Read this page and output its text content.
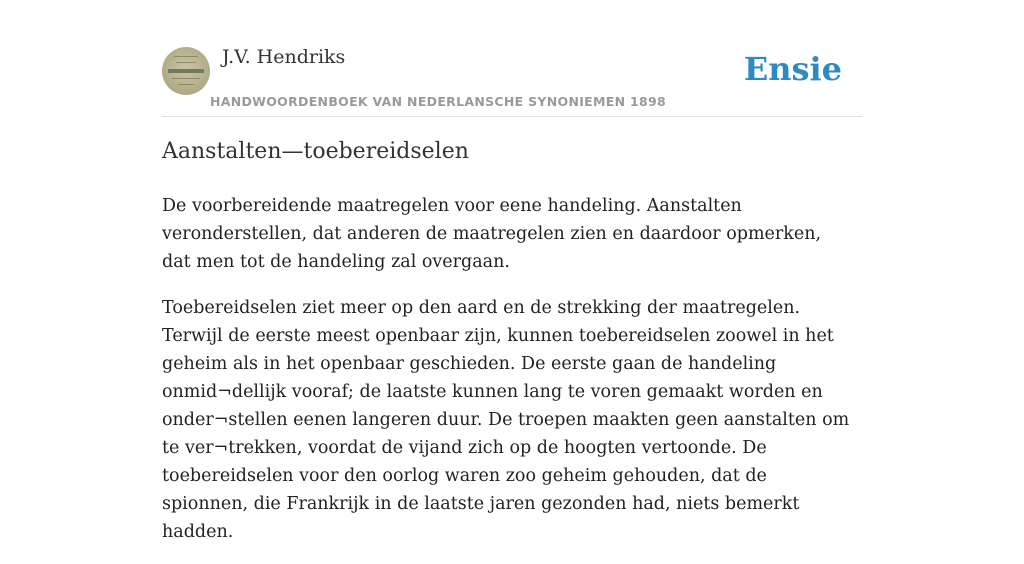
J.V. Hendriks
HANDWOORDENBOEK VAN NEDERLANSCHE SYNONIEMEN 1898
Ensie
Aanstalten—toebereidselen

De voorbereidende maatregelen voor eene handeling. Aanstalten veronderstellen, dat anderen de maatregelen zien en daardoor opmerken, dat men tot de handeling zal overgaan.

Toebereidselen ziet meer op den aard en de strekking der maatregelen. Terwijl de eerste meest openbaar zijn, kunnen toebereidselen zoowel in het geheim als in het openbaar geschieden. De eerste gaan de handeling onmid¬dellijk vooraf; de laatste kunnen lang te voren gemaakt worden en onder¬stellen eenen langeren duur. De troepen maakten geen aanstalten om te ver¬trekken, voordat de vijand zich op de hoogten vertoonde. De toebereidselen voor den oorlog waren zoo geheim gehouden, dat de spionnen, die Frankrijk in de laatste jaren gezonden had, niets bemerkt hadden.
